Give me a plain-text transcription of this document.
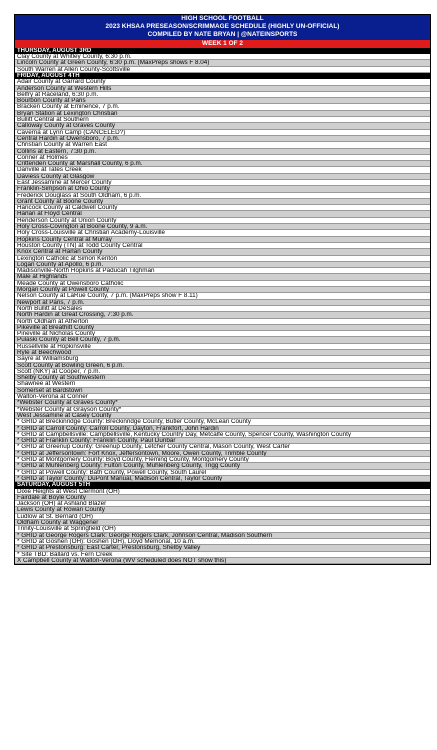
HIGH SCHOOL FOOTBALL
2023 KHSAA PRESEASON/SCRIMMAGE SCHEDULE (HIGHLY UN-OFFICIAL)
COMPILED BY NATE BRYAN | @NATEINSPORTS
WEEK 1 OF 2
THURSDAY, AUGUST 3RD
Clay County at Whitley County, 6:30 p.m.
Lincoln County at Green County, 6:30 p.m. (MaxPreps shows F 8.04)
South Warren at Allen County-Scottsville
FRIDAY, AUGUST 4TH
Adair County at Garrard County
Anderson County at Western Hills
Belfry at Raceland, 6:30 p.m.
Bourbon County at Paris
Bracken County at Eminence, 7 p.m.
Bryan Station at Lexington Christian
Bullitt Central at Southern
Calloway County at Graves County
Caverna at Lynn Camp (CANCELED?)
Central Hardin at Owensboro, 7 p.m.
Christian County at Warren East
Collins at Eastern, 7:30 p.m.
Conner at Holmes
Crittenden County at Marshall County, 6 p.m.
Danville at Tates Creek
Daviess County at Glasgow
East Jessamine at Mercer County
Franklin-Simpson at Ohio County
Frederick Douglass at South Oldham, 6 p.m.
Grant County at Boone County
Hancock County at Caldwell County
Harlan at Floyd Central
Henderson County at Union County
Holy Cross-Covington at Boone County, 9 a.m.
Holy Cross-Louisville at Christian Academy-Louisville
Hopkins County Central at Murray
Houston County (TN) at Todd County Central
Knox Central at Harlan County
Lexington Catholic at Simon Kenton
Logan County at Apollo, 6 p.m.
Madisonville-North Hopkins at Paducah Tilghman
Male at Highlands
Meade County at Owensboro Catholic
Morgan County at Powell County
Nelson County at LaRue County, 7 p.m. (MaxPreps show F 8.11)
Newport at Paris, 7 p.m.
North Bullitt at DeSales
North Hardin at Great Crossing, 7:30 p.m.
North Oldham at Atherton
Pikeville at Breathitt County
Pineville at Nicholas County
Pulaski County at Bell County, 7 p.m.
Russellville at Hopkinsville
Ryle at Beechwood
Sayre at Williamsburg
Scott County at Bowling Green, 6 p.m.
Scott (NKY) at Cooper, 7 p.m.
Shelby County at Southwestern
Shawnee at Western
Somerset at Bardstown
Walton-Verona at Conner
*Webster County at Graves County*
*Webster County at Grayson County*
West Jessamine at Casey County
* GRID at Breckinridge County: Breckinridge County, Butler County, McLean County
* GRID at Carroll County: Carroll County, Dayton, Frankfort, John Hardin
* GRID at Campbellsville: Campbellsville, Kentucky Country Day, Metcalfe County, Spencer County, Washington County
* GRID at Franklin County: Franklin County, Paul Dunbar
* GRID at Greenup County: Greenup County, Letcher County Central, Mason County, West Carter
* GRID at Jeffersontown: Fort Knox, Jeffersontown, Moore, Owen County, Trimble County
* GRID at Montgomery County: Boyd County, Fleming County, Montgomery County
* GRID at Muhlenberg County: Fulton County, Muhlenberg County, Trigg County
* GRID at Powell County: Bath County, Powell County, South Laurel
* GRID at Taylor County: DuPont Manual, Madison Central, Taylor County
SATURDAY, AUGUST 5TH
Dixie Heights at West Clermont (OH)
Fairdale at Boyle County
Jackson (OH) at Ashland Blazer
Lewis County at Rowan County
Ludlow at St. Bernard (OH)
Oldham County at Waggener
Trinity-Louisville at Springfield (OH)
* GRID at George Rogers Clark: George Rogers Clark, Johnson Central, Madison Southern
* GRID at Goshen (OH): Goshen (OH), Lloyd Memorial, 10 a.m.
* GRID at Prestonsburg: East Carter, Prestonsburg, Shelby Valley
* Site TBD: Ballard vs. Fern Creek
X Campbell County at Walton-Verona (WV scheduled does NOT show this)
